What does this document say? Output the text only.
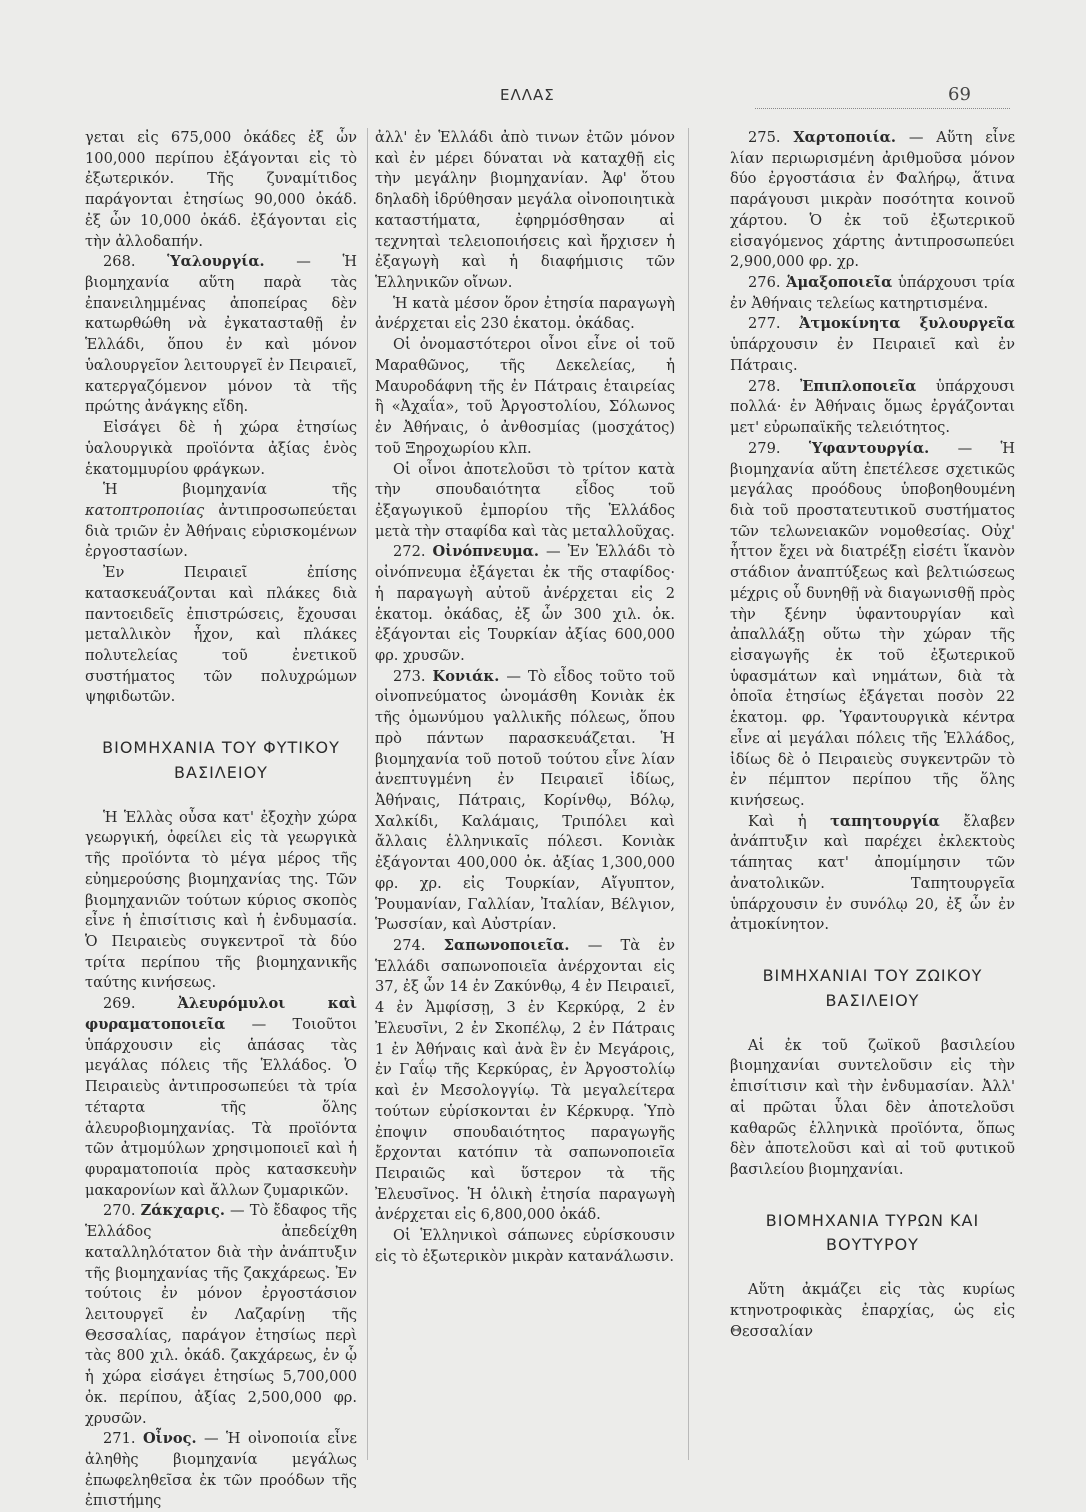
ΕΛΛΑΣ	69

γεται εἰς 675,000 ὀκάδες ἐξ ὧν 100,000 περίπου ἐξάγονται εἰς τὸ ἐξωτερικόν. Τῆς ζυναμίτιδος παράγονται ἐτησίως 90,000 ὀκάδ. ἐξ ὧν 10,000 ὀκάδ. ἐξάγονται εἰς τὴν ἀλλοδαπήν.

268. Ὑαλουργία. — Ἡ βιομηχανία αὕτη παρὰ τὰς ἐπανειλημμένας ἀποπείρας δὲν κατωρθώθη νὰ ἐγκατασταθῇ ἐν Ἑλλάδι, ὅπου ἐν καὶ μόνον ὑαλουργεῖον λειτουργεῖ ἐν Πειραιεῖ, κατεργαζόμενον μόνον τὰ τῆς πρώτης ἀνάγκης εἴδη.

Εἰσάγει δὲ ἡ χώρα ἐτησίως ὑαλουργικὰ προϊόντα ἀξίας ἑνὸς ἑκατομμυρίου φράγκων.

Ἡ βιομηχανία τῆς κατοπτροποιίας ἀντιπροσωπεύεται διὰ τριῶν ἐν Ἀθήναις εὑρισκομένων ἐργοστασίων.

Ἐν Πειραιεῖ ἐπίσης κατασκευάζονται καὶ πλάκες διὰ παντοειδεῖς ἐπιστρώσεις, ἔχουσαι μεταλλικὸν ἦχον, καὶ πλάκες πολυτελείας τοῦ ἐνετικοῦ συστήματος τῶν πολυχρώμων ψηφιδωτῶν.

ΒΙΟΜΗΧΑΝΙΑ ΤΟΥ ΦΥΤΙΚΟΥ ΒΑΣΙΛΕΙΟΥ

Ἡ Ἑλλὰς οὖσα κατ' ἐξοχὴν χώρα γεωργική, ὀφείλει εἰς τὰ γεωργικὰ τῆς προϊόντα τὸ μέγα μέρος τῆς εὐημερούσης βιομηχανίας της. Τῶν βιομηχανιῶν τούτων κύριος σκοπὸς εἶνε ἡ ἐπισίτισις καὶ ἡ ἐνδυμασία. Ὁ Πειραιεὺς συγκεντροῖ τὰ δύο τρίτα περίπου τῆς βιομηχανικῆς ταύτης κινήσεως.

269.	Ἀλευρόμυλοι καὶ φυραματοποιεῖα — Τοιοῦτοι ὑπάρχουσιν εἰς ἁπάσας τὰς μεγάλας πόλεις τῆς Ἑλλάδος. Ὁ Πειραιεὺς ἀντιπροσωπεύει τὰ τρία τέταρτα τῆς ὅλης ἀλευροβιομηχανίας. Τὰ προϊόντα τῶν ἀτμομύλων χρησιμοποιεῖ καὶ ἡ φυραματοποιία πρὸς κατασκευὴν μακαρονίων καὶ ἄλλων ζυμαρικῶν.

270. Ζάκχαρις. — Τὸ ἔδαφος τῆς Ἑλλάδος ἀπεδείχθη καταλληλότατον διὰ τὴν ἀνάπτυξιν τῆς βιομηχανίας τῆς ζακχάρεως. Ἐν τούτοις ἐν μόνον ἐργοστάσιον λειτουργεῖ ἐν Λαζαρίνῃ τῆς Θεσσαλίας, παράγον ἐτησίως περὶ τὰς 800 χιλ. ὀκάδ. ζακχάρεως, ἐν ᾧ ἡ χώρα εἰσάγει ἐτησίως 5,700,000 ὀκ. περίπου, ἀξίας 2,500,000 φρ. χρυσῶν.

271. Οἶνος. — Ἡ οἰνοποιία εἶνε ἀληθὴς βιομηχανία μεγάλως ἐπωφεληθεῖσα ἐκ τῶν προόδων τῆς ἐπιστήμης

ἀλλ' ἐν Ἑλλάδι ἀπὸ τινων ἐτῶν μόνον καὶ ἐν μέρει δύναται νὰ καταχθῇ εἰς τὴν μεγάλην βιομηχανίαν. Ἀφ' ὅτου δηλαδὴ ἱδρύθησαν μεγάλα οἰνοποιητικὰ καταστήματα, ἐφηρμόσθησαν αἱ τεχνηταὶ τελειοποιήσεις καὶ ἤρχισεν ἡ ἐξαγωγὴ καὶ ἡ διαφήμισις τῶν Ἑλληνικῶν οἴνων.

Ἡ κατὰ μέσον ὅρον ἐτησία παραγωγὴ ἀνέρχεται εἰς 230 ἑκατομ. ὀκάδας.

Οἱ ὀνομαστότεροι οἶνοι εἶνε οἱ τοῦ Μαραθῶνος, τῆς Δεκελείας, ἡ Μαυροδάφνη τῆς ἐν Πάτραις ἑταιρείας ἢ «Ἀχαΐα», τοῦ Ἀργοστολίου, Σόλωνος ἐν Ἀθήναις, ὁ ἀνθοσμίας (μοσχάτος) τοῦ Ξηροχωρίου κλπ.

Οἱ οἶνοι ἀποτελοῦσι τὸ τρίτον κατὰ τὴν σπουδαιότητα εἶδος τοῦ ἐξαγωγικοῦ ἐμπορίου τῆς Ἑλλάδος μετὰ τὴν σταφίδα καὶ τὰς μεταλλοῦχας.

272. Οἰνόπνευμα. — Ἐν Ἑλλάδι τὸ οἰνόπνευμα ἐξάγεται ἐκ τῆς σταφίδος· ἡ παραγωγὴ αὐτοῦ ἀνέρχεται εἰς 2 ἑκατομ. ὀκάδας, ἐξ ὧν 300 χιλ. ὀκ. ἐξάγονται εἰς Τουρκίαν ἀξίας 600,000 φρ. χρυσῶν.

273. Κονιάκ. — Τὸ εἶδος τοῦτο τοῦ οἰνοπνεύματος ὠνομάσθη Κονιὰκ ἐκ τῆς ὁμωνύμου γαλλικῆς πόλεως, ὅπου πρὸ πάντων παρασκευάζεται. Ἡ βιομηχανία τοῦ ποτοῦ τούτου εἶνε λίαν ἀνεπτυγμένη ἐν Πειραιεῖ ἰδίως, Ἀθήναις, Πάτραις, Κορίνθῳ, Βόλῳ, Χαλκίδι, Καλάμαις, Τριπόλει καὶ ἄλλαις ἑλληνικαῖς πόλεσι. Κονιὰκ ἐξάγονται 400,000 ὀκ. ἀξίας 1,300,000 φρ. χρ. εἰς Τουρκίαν, Αἴγυπτον, Ῥουμανίαν, Γαλλίαν, Ἰταλίαν, Βέλγιον, Ῥωσσίαν, καὶ Αὐστρίαν.

274. Σαπωνοποιεῖα. — Τὰ ἐν Ἑλλάδι σαπωνοποιεῖα ἀνέρχονται εἰς 37, ἐξ ὧν 14 ἐν Ζακύνθῳ, 4 ἐν Πειραιεῖ, 4 ἐν Ἀμφίσσῃ, 3 ἐν Κερκύρᾳ, 2 ἐν Ἐλευσῖνι, 2 ἐν Σκοπέλῳ, 2 ἐν Πάτραις 1 ἐν Ἀθήναις καὶ ἀνὰ ἓν ἐν Μεγάροις, ἐν Γαΐῳ τῆς Κερκύρας, ἐν Ἀργοστολίῳ καὶ ἐν Μεσολογγίῳ. Τὰ μεγαλείτερα τούτων εὑρίσκονται ἐν Κέρκυρᾳ. Ὑπὸ ἐποψιν σπουδαιότητος παραγωγῆς ἔρχονται κατόπιν τὰ σαπωνοποιεῖα Πειραιῶς καὶ ὕστερον τὰ τῆς Ἐλευσῖνος. Ἡ ὁλικὴ ἐτησία παραγωγὴ ἀνέρχεται εἰς 6,800,000 ὀκάδ.

Οἱ Ἑλληνικοὶ σάπωνες εὑρίσκουσιν εἰς τὸ ἐξωτερικὸν μικρὰν κατανάλωσιν.

275. Χαρτοποιία. — Αὕτη εἶνε λίαν περιωρισμένη ἀριθμοῦσα μόνον δύο ἐργοστάσια ἐν Φαλήρῳ, ἅτινα παράγουσι μικρὰν ποσότητα κοινοῦ χάρτου. Ὁ ἐκ τοῦ ἐξωτερικοῦ εἰσαγόμενος χάρτης ἀντιπροσωπεύει 2,900,000 φρ. χρ.

276. Ἁμαξοποιεῖα ὑπάρχουσι τρία ἐν Ἀθήναις τελείως κατηρτισμένα.

277. Ἀτμοκίνητα ξυλουργεῖα ὑπάρχουσιν ἐν Πειραιεῖ καὶ ἐν Πάτραις.

278. Ἐπιπλοποιεῖα ὑπάρχουσι πολλά· ἐν Ἀθήναις ὅμως ἐργάζονται μετ' εὐρωπαϊκῆς τελειότητος.

279. Ὑφαντουργία. — Ἡ βιομηχανία αὕτη ἐπετέλεσε σχετικῶς μεγάλας προόδους ὑποβοηθουμένη διὰ τοῦ προστατευτικοῦ συστήματος τῶν τελωνειακῶν νομοθεσίας. Οὐχ' ἧττον ἔχει νὰ διατρέξῃ εἰσέτι ἴκανὸν στάδιον ἀναπτύξεως καὶ βελτιώσεως μέχρις οὗ δυνηθῇ νὰ διαγωνισθῇ πρὸς τὴν ξένην ὑφαντουργίαν καὶ ἀπαλλάξῃ οὕτω τὴν χώραν τῆς εἰσαγωγῆς ἐκ τοῦ ἐξωτερικοῦ ὑφασμάτων καὶ νημάτων, διὰ τὰ ὁποῖα ἐτησίως ἐξάγεται ποσὸν 22 ἑκατομ. φρ. Ὑφαντουργικὰ κέντρα εἶνε αἱ μεγάλαι πόλεις τῆς Ἑλλάδος, ἰδίως δὲ ὁ Πειραιεὺς συγκεντρῶν τὸ ἐν πέμπτον περίπου τῆς ὅλης κινήσεως.

Καὶ ἡ ταπητουργία ἔλαβεν ἀνάπτυξιν καὶ παρέχει ἐκλεκτοὺς τάπητας κατ' ἀπομίμησιν τῶν ἀνατολικῶν. Ταπητουργεῖα ὑπάρχουσιν ἐν συνόλῳ 20, ἐξ ὧν ἐν ἀτμοκίνητον.

ΒΙΜΗΧΑΝΙΑΙ ΤΟΥ ΖΩΙΚΟΥ ΒΑΣΙΛΕΙΟΥ

Αἱ ἐκ τοῦ ζωϊκοῦ βασιλείου βιομηχανίαι συντελοῦσιν εἰς τὴν ἐπισίτισιν καὶ τὴν ἐνδυμασίαν. Ἀλλ' αἱ πρῶται ὗλαι δὲν ἀποτελοῦσι καθαρῶς ἑλληνικὰ προϊόντα, ὅπως δὲν ἀποτελοῦσι καὶ αἱ τοῦ φυτικοῦ βασιλείου βιομηχανίαι.

ΒΙΟΜΗΧΑΝΙΑ ΤΥΡΩΝ ΚΑΙ ΒΟΥΤΥΡΟΥ

Αὕτη ἀκμάζει εἰς τὰς κυρίως κτηνοτροφικὰς ἐπαρχίας, ὡς εἰς Θεσσαλίαν
